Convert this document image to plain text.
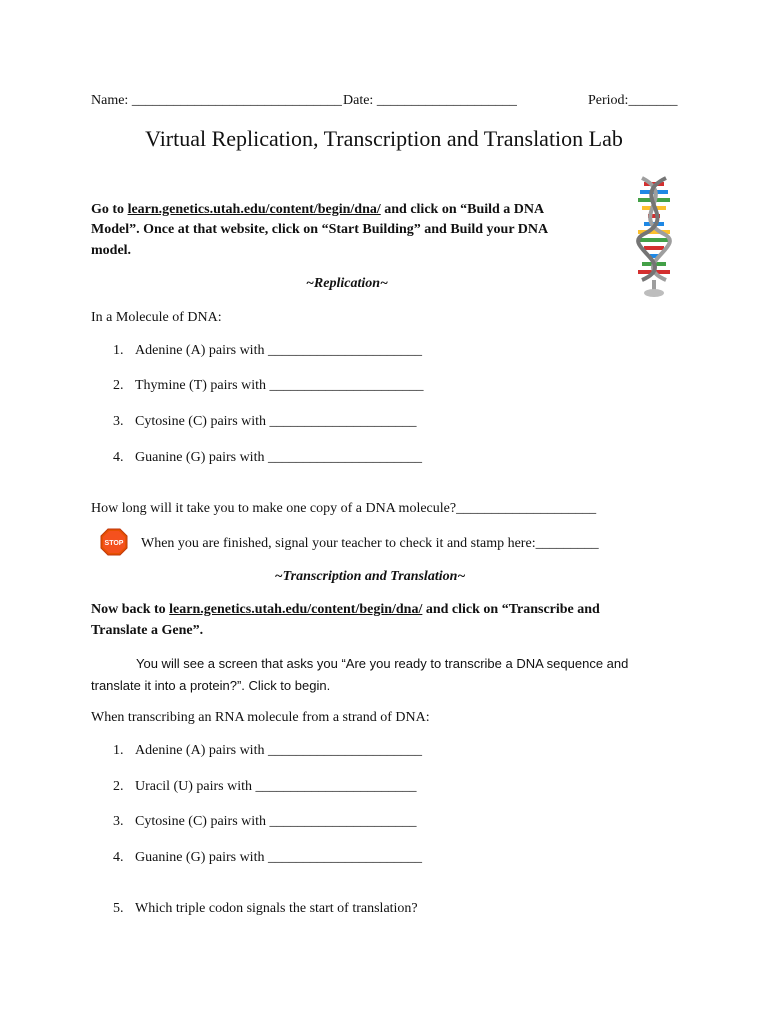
Name: ______________________________ Date: ____________________	Period:_______
Virtual Replication, Transcription and Translation Lab
Go to learn.genetics.utah.edu/content/begin/dna/ and click on “Build a DNA
Model”. Once at that website, click on “Start Building” and Build your DNA
model.
~Replication~
In a Molecule of DNA:
1. Adenine (A) pairs with ______________________
2. Thymine (T) pairs with ______________________
3. Cytosine (C) pairs with _____________________
4. Guanine (G) pairs with ______________________
How long will it take you to make one copy of a DNA molecule?____________________
STOP When you are finished, signal your teacher to check it and stamp here:_________
~Transcription and Translation~
Now back to learn.genetics.utah.edu/content/begin/dna/ and click on “Transcribe and
Translate a Gene”.
You will see a screen that asks you “Are you ready to transcribe a DNA sequence and
translate it into a protein?”. Click to begin.
When transcribing an RNA molecule from a strand of DNA:
1. Adenine (A) pairs with ______________________
2. Uracil (U) pairs with _______________________
3. Cytosine (C) pairs with _____________________
4. Guanine (G) pairs with ______________________
5. Which triple codon signals the start of translation?
